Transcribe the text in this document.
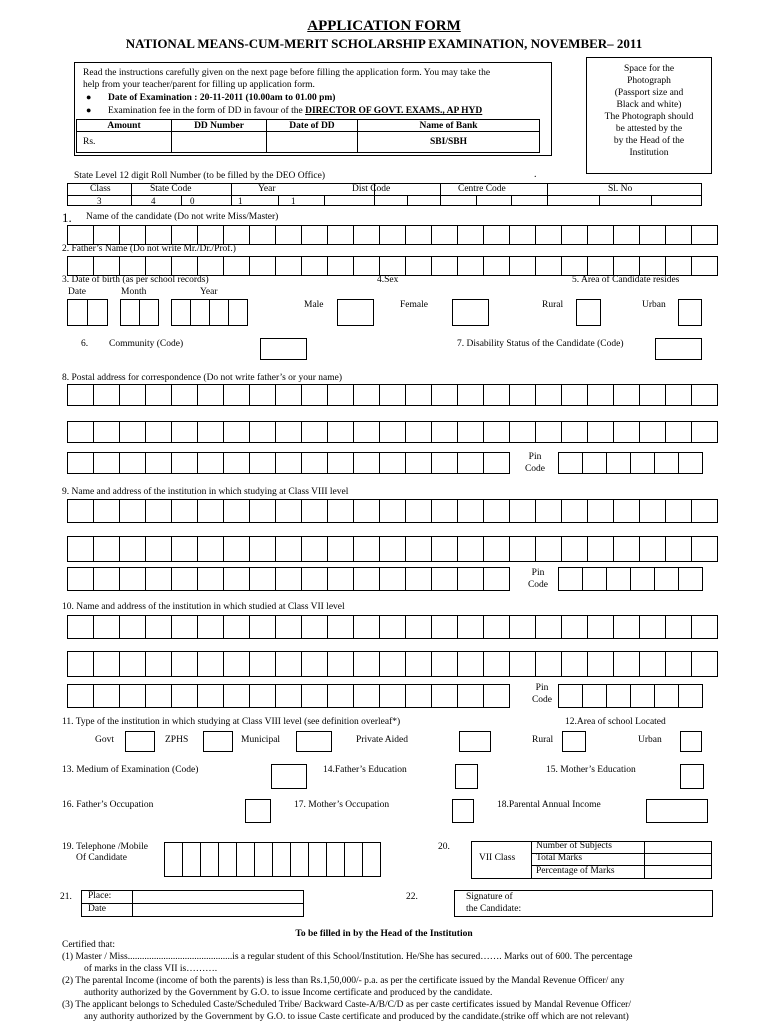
APPLICATION FORM
NATIONAL MEANS-CUM-MERIT SCHOLARSHIP EXAMINATION, NOVEMBER– 2011
Read the instructions carefully given on the next page before filling the application form. You may take the
help from your teacher/parent for filling up application form.
● Date of Examination : 20-11-2011 (10.00am to 01.00 pm)
● Examination fee in the form of DD in favour of the DIRECTOR OF GOVT. EXAMS., AP HYD
Amount	DD Number	Date of DD	Name of Bank
Rs.			SBI/SBH
Space for the
Photograph
(Passport size and
Black and white)
The Photograph should
be attested by the
by the Head of the
Institution
State Level 12 digit Roll Number (to be filled by the DEO Office)	.
Class	State Code	Year	Dist Code	Centre Code	Sl. No
3	4	0	1	1
1. Name of the candidate (Do not write Miss/Master)
2. Father’s Name (Do not write Mr./Dr./Prof.)
3. Date of birth (as per school records)
Date	Month	Year
4.Sex
Male	Female
5. Area of Candidate resides
Rural	Urban
6. Community (Code)	7. Disability Status of the Candidate (Code)
8. Postal address for correspondence (Do not write father’s or your name)
Pin
Code
9. Name and address of the institution in which studying at Class VIII level
Pin
Code
10. Name and address of the institution in which studied at Class VII level
Pin
Code
11. Type of the institution in which studying at Class VIII level (see definition overleaf*)
Govt	ZPHS	Municipal	Private Aided
12.Area of school Located
Rural	Urban
13. Medium of Examination (Code)	14.Father’s Education	15. Mother’s Education
16. Father’s Occupation	17. Mother’s Occupation	18.Parental Annual Income
19. Telephone /Mobile
Of Candidate
20.
VII Class
Number of Subjects
Total Marks
Percentage of Marks
21. Place:
Date
22.	Signature of
the Candidate:
To be filled in by the Head of the Institution
Certified that:
(1) Master / Miss............................................is a regular student of this School/Institution. He/She has secured……. Marks out of 600. The percentage
of marks in the class VII is……….
(2) The parental Income (income of both the parents) is less than Rs.1,50,000/- p.a. as per the certificate issued by the Mandal Revenue Officer/ any
authority authorized by the Government by G.O. to issue Income certificate and produced by the candidate.
(3) The applicant belongs to Scheduled Caste/Scheduled Tribe/ Backward Caste-A/B/C/D as per caste certificates issued by Mandal Revenue Officer/
any authority authorized by the Government by G.O. to issue Caste certificate and produced by the candidate.(strike off which are not relevant)
